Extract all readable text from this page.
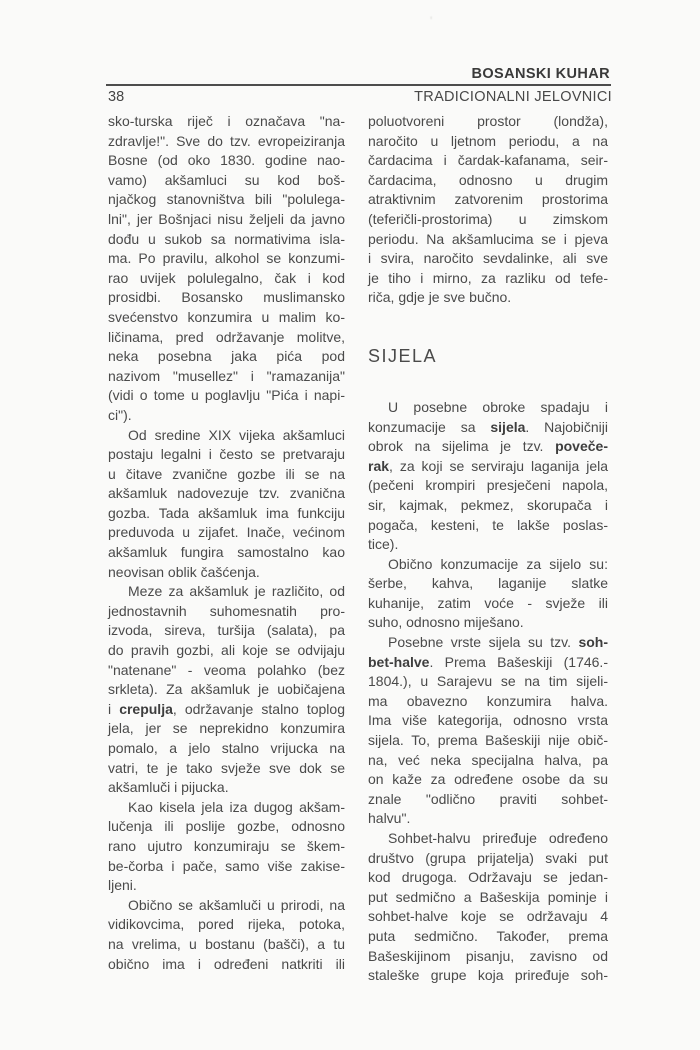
'
BOSANSKI KUHAR
38	TRADICIONALNI JELOVNICI
sko-turska riječ i označava "na-
zdravlje!". Sve do tzv. evropeiziranja
Bosne (od oko 1830. godine nao-
vamo) akšamluci su kod boš-
njačkog stanovništva bili "polulega-
lni", jer Bošnjaci nisu željeli da javno
dođu u sukob sa normativima isla-
ma. Po pravilu, alkohol se konzumi-
rao uvijek polulegalno, čak i kod
prosidbi. Bosansko muslimansko
svećenstvo konzumira u malim ko-
ličinama, pred održavanje molitve,
neka posebna jaka pića pod
nazivom "musellez" i "ramazanija"
(vidi o tome u poglavlju "Pića i napi-
ci").
Od sredine XIX vijeka akšamluci
postaju legalni i često se pretvaraju
u čitave zvanične gozbe ili se na
akšamluk nadovezuje tzv. zvanična
gozba. Tada akšamluk ima funkciju
preduvoda u zijafet. Inače, većinom
akšamluk fungira samostalno kao
neovisan oblik čašćenja.
Meze za akšamluk je različito, od
jednostavnih suhomesnatih pro-
izvoda, sireva, turšija (salata), pa
do pravih gozbi, ali koje se odvijaju
"natenane" - veoma polahko (bez
srkleta). Za akšamluk je uobičajena
i crepulja, održavanje stalno toplog
jela, jer se neprekidno konzumira
pomalo, a jelo stalno vrijucka na
vatri, te je tako svježe sve dok se
akšamluči i pijucka.
Kao kisela jela iza dugog akšam-
lučenja ili poslije gozbe, odnosno
rano ujutro konzumiraju se škem-
be-čorba i pače, samo više zakise-
ljeni.
Obično se akšamluči u prirodi, na
vidikovcima, pored rijeka, potoka,
na vrelima, u bostanu (bašči), a tu
obično ima i određeni natkriti ili
poluotvoreni prostor (londža),
naročito u ljetnom periodu, a na
čardacima i čardak-kafanama, seir-
čardacima, odnosno u drugim
atraktivnim zatvorenim prostorima
(teferičli-prostorima) u zimskom
periodu. Na akšamlucima se i pjeva
i svira, naročito sevdalinke, ali sve
je tiho i mirno, za razliku od tefe-
riča, gdje je sve bučno.
SIJELA
U posebne obroke spadaju i
konzumacije sa sijela. Najobičniji
obrok na sijelima je tzv. poveče-
rak, za koji se serviraju laganija jela
(pečeni krompiri presječeni napola,
sir, kajmak, pekmez, skorupača i
pogača, kesteni, te lakše poslas-
tice).
Obično konzumacije za sijelo su:
šerbe, kahva, laganije slatke
kuhanije, zatim voće - svježe ili
suho, odnosno miješano.
Posebne vrste sijela su tzv. soh-
bet-halve. Prema Bašeskiji (1746.-
1804.), u Sarajevu se na tim sijeli-
ma obavezno konzumira halva.
Ima više kategorija, odnosno vrsta
sijela. To, prema Bašeskiji nije obič-
na, već neka specijalna halva, pa
on kaže za određene osobe da su
znale "odlično praviti sohbet-
halvu".
Sohbet-halvu priređuje određeno
društvo (grupa prijatelja) svaki put
kod drugoga. Održavaju se jedan-
put sedmično a Bašeskija pominje i
sohbet-halve koje se održavaju 4
puta sedmično. Također, prema
Bašeskijinom pisanju, zavisno od
staleške grupe koja priređuje soh-
